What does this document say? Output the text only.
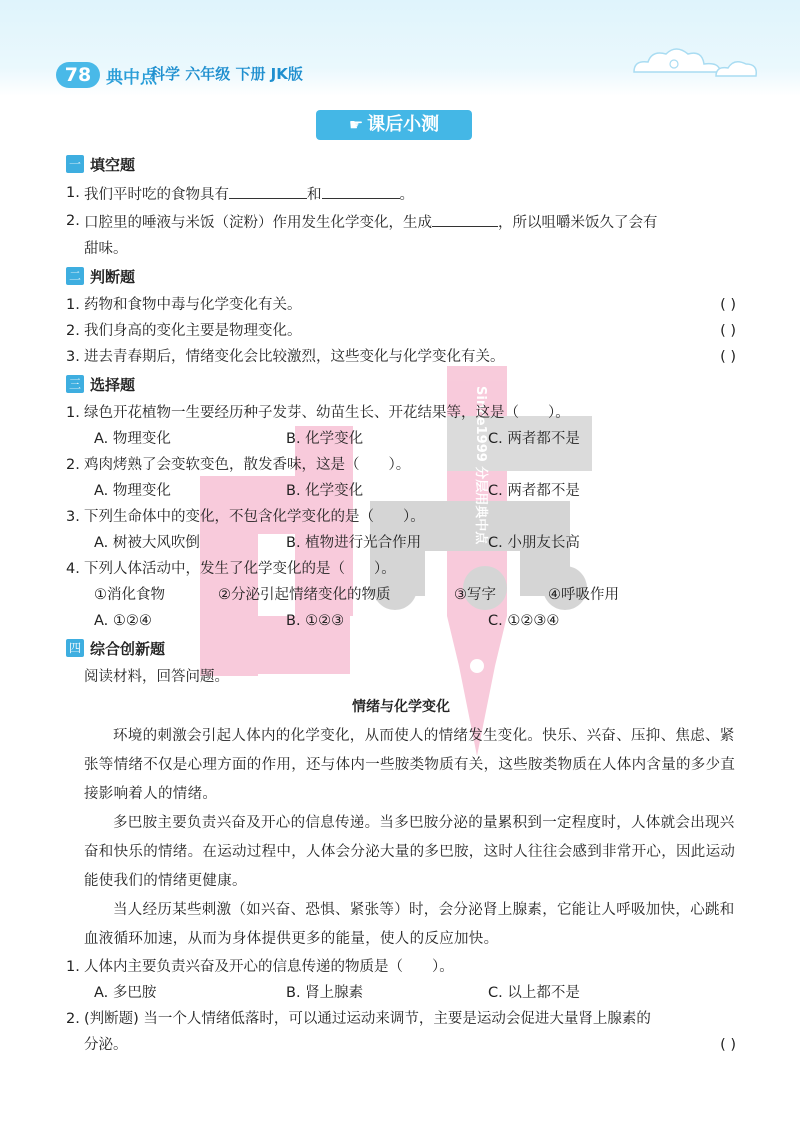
78 典中点
科学 六年级 下册 JK版
☛ 课后小测
Since1999 分层用典中点
一 填空题
1. 我们平时吃的食物具有	和	。
2. 口腔里的唾液与米饭（淀粉）作用发生化学变化，生成	，所以咀嚼米饭久了会有
甜味。
二 判断题
1. 药物和食物中毒与化学变化有关。	( )
2. 我们身高的变化主要是物理变化。	( )
3. 进去青春期后，情绪变化会比较激烈，这些变化与化学变化有关。	( )
三 选择题
1. 绿色开花植物一生要经历种子发芽、幼苗生长、开花结果等，这是（　　）。
A. 物理变化	B. 化学变化	C. 两者都不是
2. 鸡肉烤熟了会变软变色，散发香味，这是（　　）。
A. 物理变化	B. 化学变化	C. 两者都不是
3. 下列生命体中的变化，不包含化学变化的是（　　）。
A. 树被大风吹倒	B. 植物进行光合作用	C. 小朋友长高
4. 下列人体活动中，发生了化学变化的是（　　）。
①消化食物	②分泌引起情绪变化的物质	③写字	④呼吸作用
A. ①②④	B. ①②③	C. ①②③④
四 综合创新题
阅读材料，回答问题。
情绪与化学变化
环境的刺激会引起人体内的化学变化，从而使人的情绪发生变化。快乐、兴奋、压抑、焦虑、紧张等情绪不仅是心理方面的作用，还与体内一些胺类物质有关，这些胺类物质在人体内含量的多少直接影响着人的情绪。
多巴胺主要负责兴奋及开心的信息传递。当多巴胺分泌的量累积到一定程度时，人体就会出现兴奋和快乐的情绪。在运动过程中，人体会分泌大量的多巴胺，这时人往往会感到非常开心，因此运动能使我们的情绪更健康。
当人经历某些刺激（如兴奋、恐惧、紧张等）时，会分泌肾上腺素，它能让人呼吸加快，心跳和血液循环加速，从而为身体提供更多的能量，使人的反应加快。
1. 人体内主要负责兴奋及开心的信息传递的物质是（　　）。
A. 多巴胺	B. 肾上腺素	C. 以上都不是
2. (判断题) 当一个人情绪低落时，可以通过运动来调节，主要是运动会促进大量肾上腺素的
分泌。	( )
